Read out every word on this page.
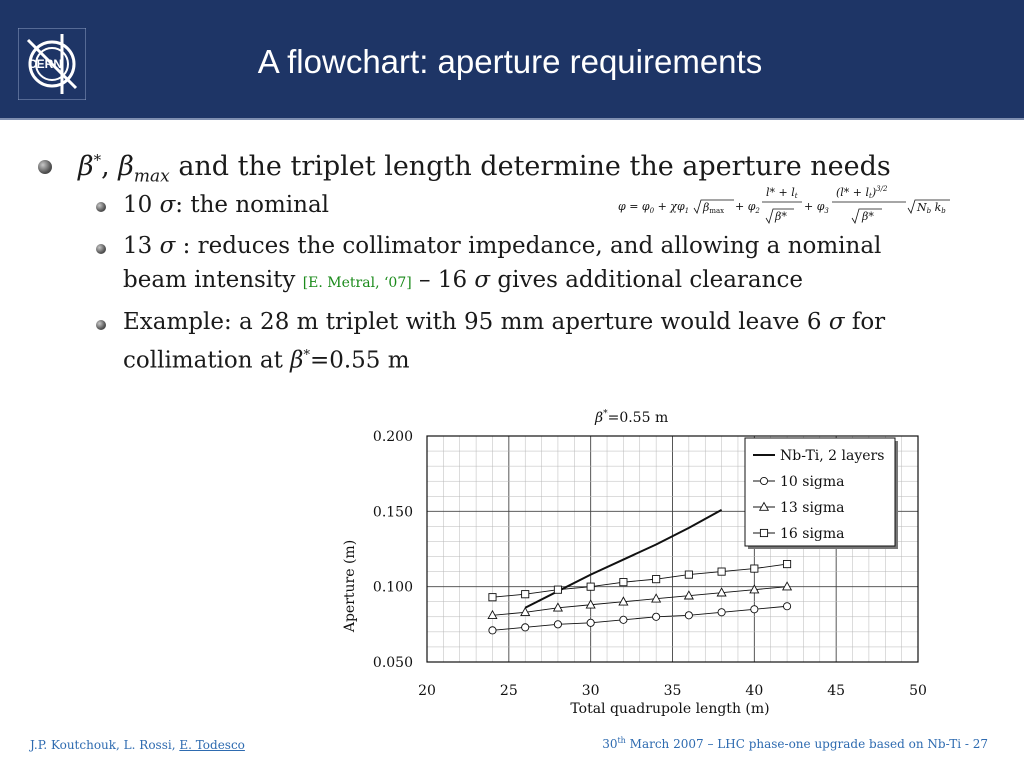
CERN	A flowchart: aperture requirements
β*, $\beta_{max}$ and the triplet length determine the aperture needs
10 σ: the nominal
13 σ : reduces the collimator impedance, and allowing a nominal
beam intensity [E. Metral, ‘07] – 16 σ gives additional clearance
Example: a 28 m triplet with 95 mm aperture would leave 6 σ for
collimation at β*=0.55 m
$\varphi = \varphi_0 + \chi\varphi_1$ $\beta\max + \varphi_2$
l* + lt
β*
+ $\varphi_3$
(l* + lt)$^{3/2}$
β*
Nb kb
β*=0.55 m
20	25	30	35	40	45	50
0.050
0.100
0.150
0.200
Nb-Ti, 2 layers
10 sigma
13 sigma
16 sigma
Total quadrupole length (m)
Aperture (m)
J.P. Koutchouk, L. Rossi, E. Todesco	30th March 2007 – LHC phase-one upgrade based on Nb-Ti - 27
